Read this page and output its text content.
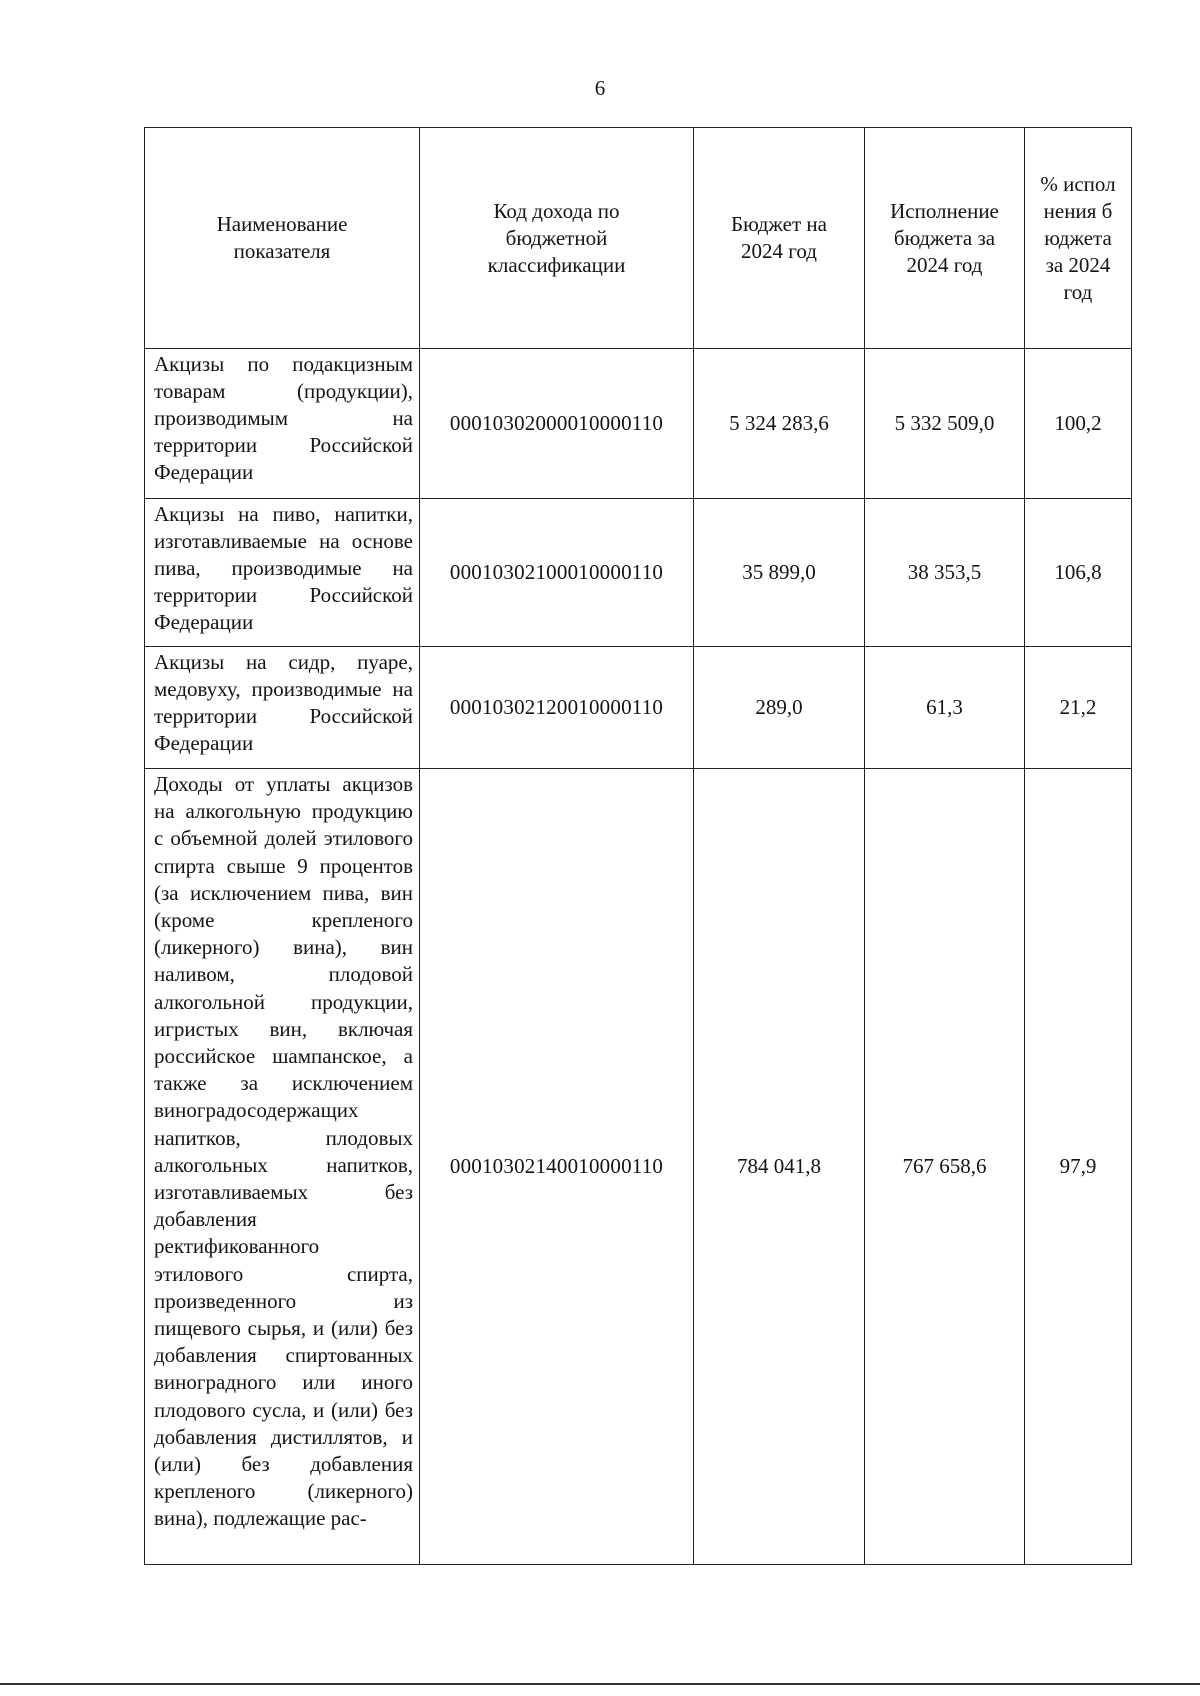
6
Наименование показателя	Код дохода по бюджетной классификации	Бюджет на 2024 год	Исполнение бюджета за 2024 год	% исполнения бюджета за 2024 год
Акцизы по подакцизным товарам (продукции), производимым на территории Российской Федерации	00010302000010000110	5 324 283,6	5 332 509,0	100,2
Акцизы на пиво, напитки, изготавливаемые на основе пива, производимые на территории Российской Федерации	00010302100010000110	35 899,0	38 353,5	106,8
Акцизы на сидр, пуаре, медовуху, производимые на территории Российской Федерации	00010302120010000110	289,0	61,3	21,2
Доходы от уплаты акцизов на алкогольную продукцию с объемной долей этилового спирта свыше 9 процентов (за исключением пива, вин (кроме крепленого (ликерного) вина), вин наливом, плодовой алкогольной продукции, игристых вин, включая российское шампанское, а также за исключением виноградосодержащих напитков, плодовых алкогольных напитков, изготавливаемых без добавления ректификованного этилового спирта, произведенного из пищевого сырья, и (или) без добавления спиртованных виноградного или иного плодового сусла, и (или) без добавления дистиллятов, и (или) без добавления крепленого (ликерного) вина), подлежащие рас-	00010302140010000110	784 041,8	767 658,6	97,9
